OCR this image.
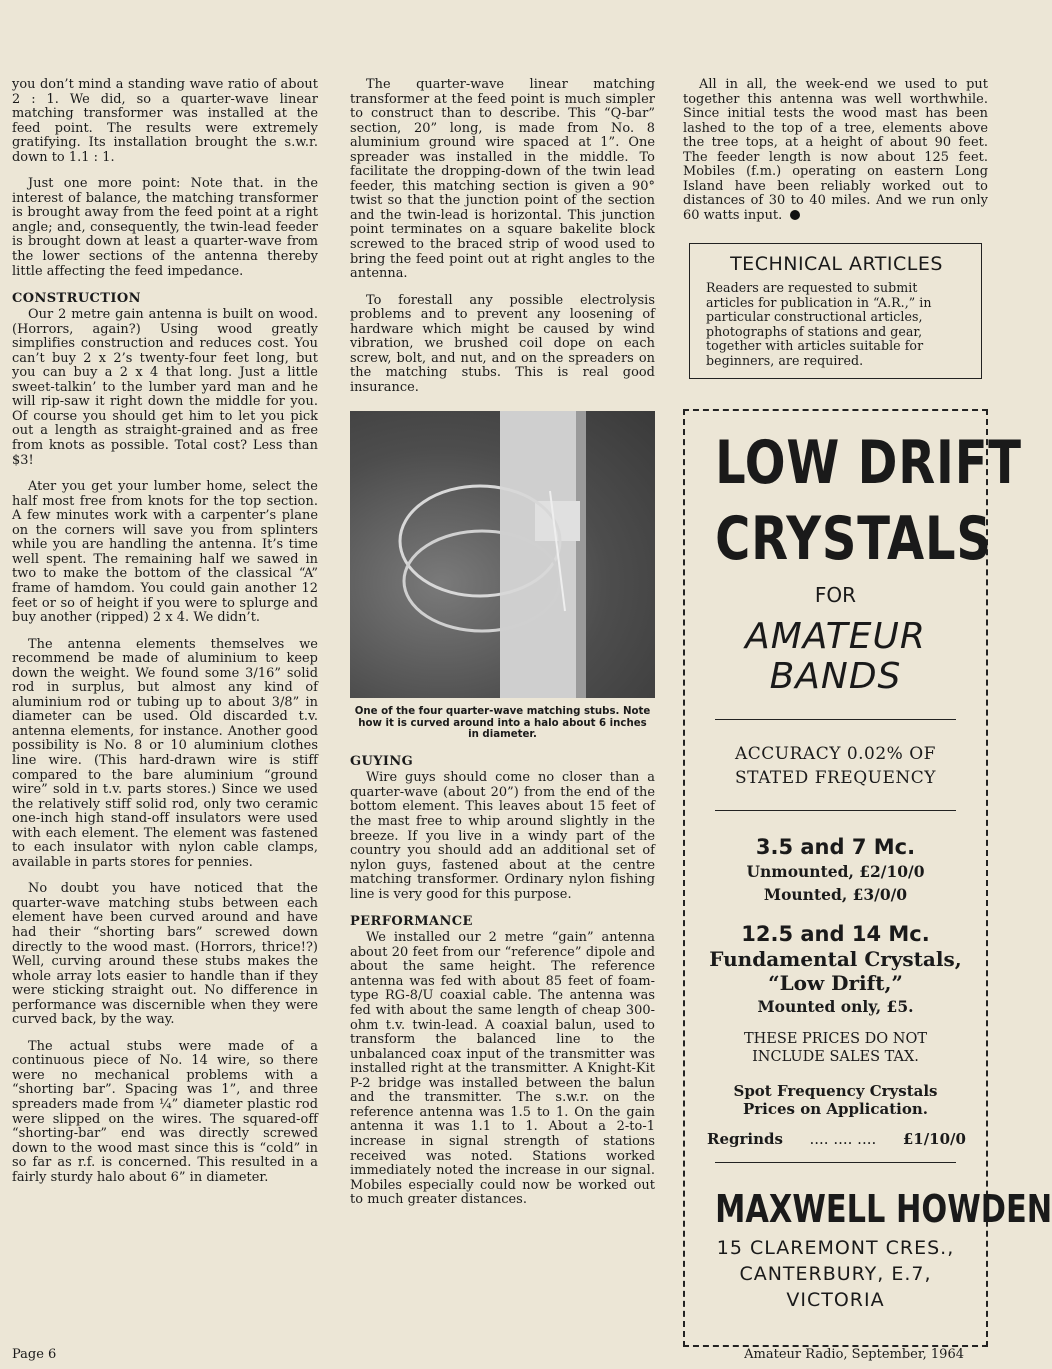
you don’t mind a standing wave ratio of about 2 : 1. We did, so a quarter-wave linear matching transformer was installed at the feed point. The results were extremely gratifying. Its installation brought the s.w.r. down to 1.1 : 1.

Just one more point: Note that. in the interest of balance, the matching transformer is brought away from the feed point at a right angle; and, consequently, the twin-lead feeder is brought down at least a quarter-wave from the lower sections of the antenna thereby little affecting the feed impedance.

CONSTRUCTION

Our 2 metre gain antenna is built on wood. (Horrors, again?) Using wood greatly simplifies construction and reduces cost. You can’t buy 2 x 2’s twenty-four feet long, but you can buy a 2 x 4 that long. Just a little sweet-talkin’ to the lumber yard man and he will rip-saw it right down the middle for you. Of course you should get him to let you pick out a length as straight-grained and as free from knots as possible. Total cost? Less than $3!

Ater you get your lumber home, select the half most free from knots for the top section. A few minutes work with a carpenter’s plane on the corners will save you from splinters while you are handling the antenna. It’s time well spent. The remaining half we sawed in two to make the bottom of the classical “A” frame of hamdom. You could gain another 12 feet or so of height if you were to splurge and buy another (ripped) 2 x 4. We didn’t.

The antenna elements themselves we recommend be made of aluminium to keep down the weight. We found some 3/16” solid rod in surplus, but almost any kind of aluminium rod or tubing up to about 3/8” in diameter can be used. Old discarded t.v. antenna elements, for instance. Another good possibility is No. 8 or 10 aluminium clothes line wire. (This hard-drawn wire is stiff compared to the bare aluminium “ground wire” sold in t.v. parts stores.) Since we used the relatively stiff solid rod, only two ceramic one-inch high stand-off insulators were used with each element. The element was fastened to each insulator with nylon cable clamps, available in parts stores for pennies.

No doubt you have noticed that the quarter-wave matching stubs between each element have been curved around and have had their “shorting bars” screwed down directly to the wood mast. (Horrors, thrice!?) Well, curving around these stubs makes the whole array lots easier to handle than if they were sticking straight out. No difference in performance was discernible when they were curved back, by the way.

The actual stubs were made of a continuous piece of No. 14 wire, so there were no mechanical problems with a “shorting bar”. Spacing was 1”, and three spreaders made from ¼” diameter plastic rod were slipped on the wires. The squared-off “shorting-bar” end was directly screwed down to the wood mast since this is “cold” in so far as r.f. is concerned. This resulted in a fairly sturdy halo about 6” in diameter.

The quarter-wave linear matching transformer at the feed point is much simpler to construct than to describe. This “Q-bar” section, 20” long, is made from No. 8 aluminium ground wire spaced at 1”. One spreader was installed in the middle. To facilitate the dropping-down of the twin lead feeder, this matching section is given a 90° twist so that the junction point of the section and the twin-lead is horizontal. This junction point terminates on a square bakelite block screwed to the braced strip of wood used to bring the feed point out at right angles to the antenna.

To forestall any possible electrolysis problems and to prevent any loosening of hardware which might be caused by wind vibration, we brushed coil dope on each screw, bolt, and nut, and on the spreaders on the matching stubs. This is real good insurance.

One of the four quarter-wave matching stubs. Note how it is curved around into a halo about 6 inches in diameter.
GUYING

Wire guys should come no closer than a quarter-wave (about 20”) from the end of the bottom element. This leaves about 15 feet of the mast free to whip around slightly in the breeze. If you live in a windy part of the country you should add an additional set of nylon guys, fastened about at the centre matching transformer. Ordinary nylon fishing line is very good for this purpose.

PERFORMANCE

We installed our 2 metre “gain” antenna about 20 feet from our “reference” dipole and about the same height. The reference antenna was fed with about 85 feet of foam-type RG-8/U coaxial cable. The antenna was fed with about the same length of cheap 300-ohm t.v. twin-lead. A coaxial balun, used to transform the balanced line to the unbalanced coax input of the transmitter was installed right at the transmitter. A Knight-Kit P-2 bridge was installed between the balun and the transmitter. The s.w.r. on the reference antenna was 1.5 to 1. On the gain antenna it was 1.1 to 1. About a 2-to-1 increase in signal strength of stations received was noted. Stations worked immediately noted the increase in our signal. Mobiles especially could now be worked out to much greater distances.

All in all, the week-end we used to put together this antenna was well worthwhile. Since initial tests the wood mast has been lashed to the top of a tree, elements above the tree tops, at a height of about 90 feet. The feeder length is now about 125 feet. Mobiles (f.m.) operating on eastern Long Island have been reliably worked out to distances of 30 to 40 miles. And we run only 60 watts input.

TECHNICAL ARTICLES

Readers are requested to submit articles for publication in “A.R.,” in particular constructional articles, photographs of stations and gear, together with articles suitable for beginners, are required.

LOW DRIFT
CRYSTALS
FOR
AMATEUR
BANDS
ACCURACY 0.02% OF
STATED FREQUENCY
3.5 and 7 Mc.
Unmounted, £2/10/0
Mounted, £3/0/0
12.5 and 14 Mc.
Fundamental Crystals,
“Low Drift,”
Mounted only, £5.
THESE PRICES DO NOT
INCLUDE SALES TAX.
Spot Frequency Crystals
Prices on Application.
Regrinds .... .... .... £1/10/0
MAXWELL HOWDEN
15 CLAREMONT CRES.,
CANTERBURY, E.7,
VICTORIA
Page 6	Amateur Radio, September, 1964
